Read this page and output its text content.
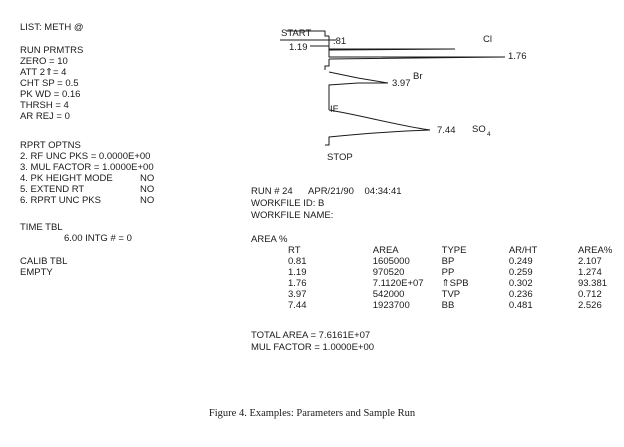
LIST: METH @
RUN PRMTRS
ZERO = 10
ATT 2⇑= 4
CHT SP = 0.5
PK WD = 0.16
THRSH = 4
AR REJ = 0
RPRT OPTNS
2. RF UNC PKS = 0.0000E+00
3. MUL FACTOR = 1.0000E+00
4. PK HEIGHT MODE	NO
5. EXTEND RT	NO
6. RPRT UNC PKS	NO
TIME TBL
6.00 INTG # = 0
CALIB TBL
EMPTY
START
1.19
.81
1.76
3.97
7.44
Cl
Br
SO 4
IF
STOP
RUN # 24      APR/21/90    04:34:41
WORKFILE ID: B
WORKFILE NAME:
AREA %
RT	AREA	TYPE	AR/HT	AREA%
0.81	1605000	BP	0.249	2.107
1.19	970520	PP	0.259	1.274
1.76	7.1120E+07	⇑SPB	0.302	93.381
3.97	542000	TVP	0.236	0.712
7.44	1923700	BB	0.481	2.526
TOTAL AREA = 7.6161E+07
MUL FACTOR = 1.0000E+00
Figure 4. Examples: Parameters and Sample Run
